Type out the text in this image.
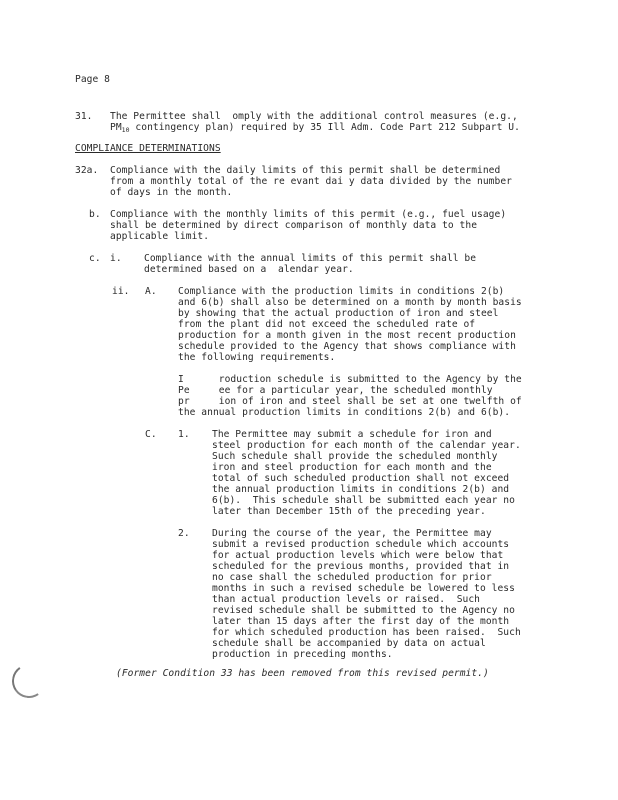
Page 8
31. The Permittee shall  omply with the additional control measures (e.g.,
$PM_{10}$ contingency plan) required by 35 Ill Adm. Code Part 212 Subpart U.
COMPLIANCE DETERMINATIONS
32a. Compliance with the daily limits of this permit shall be determined
from a monthly total of the re evant dai y data divided by the number
of days in the month.
b. Compliance with the monthly limits of this permit (e.g., fuel usage)
shall be determined by direct comparison of monthly data to the
applicable limit.
c. i. Compliance with the annual limits of this permit shall be
determined based on a  alendar year.
ii. A. Compliance with the production limits in conditions 2(b)
and 6(b) shall also be determined on a month by month basis
by showing that the actual production of iron and steel
from the plant did not exceed the scheduled rate of
production for a month given in the most recent production
schedule provided to the Agency that shows compliance with
the following requirements.
I      roduction schedule is submitted to the Agency by the
Pe     ee for a particular year, the scheduled monthly
pr     ion of iron and steel shall be set at one twelfth of
the annual production limits in conditions 2(b) and 6(b).
C. 1. The Permittee may submit a schedule for iron and
steel production for each month of the calendar year.
Such schedule shall provide the scheduled monthly
iron and steel production for each month and the
total of such scheduled production shall not exceed
the annual production limits in conditions 2(b) and
6(b).  This schedule shall be submitted each year no
later than December 15th of the preceding year.
2. During the course of the year, the Permittee may
submit a revised production schedule which accounts
for actual production levels which were below that
scheduled for the previous months, provided that in
no case shall the scheduled production for prior
months in such a revised schedule be lowered to less
than actual production levels or raised.  Such
revised schedule shall be submitted to the Agency no
later than 15 days after the first day of the month
for which scheduled production has been raised.  Such
schedule shall be accompanied by data on actual
production in preceding months.
(Former Condition 33 has been removed from this revised permit.)
